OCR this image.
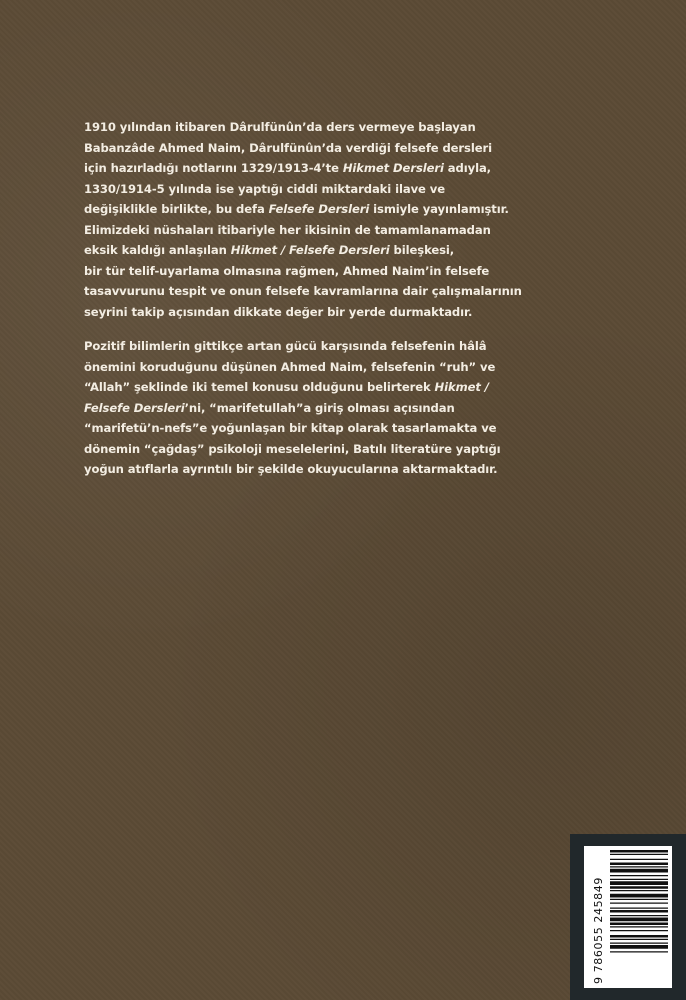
1910 yılından itibaren Dârulfünûn’da ders vermeye başlayan
Babanzâde Ahmed Naim, Dârulfünûn’da verdiği felsefe dersleri
için hazırladığı notlarını 1329/1913-4’te Hikmet Dersleri adıyla,
1330/1914-5 yılında ise yaptığı ciddi miktardaki ilave ve
değişiklikle birlikte, bu defa Felsefe Dersleri ismiyle yayınlamıştır.
Elimizdeki nüshaları itibariyle her ikisinin de tamamlanamadan
eksik kaldığı anlaşılan Hikmet / Felsefe Dersleri bileşkesi,
bir tür telif-uyarlama olmasına rağmen, Ahmed Naim’in felsefe
tasavvurunu tespit ve onun felsefe kavramlarına dair çalışmalarının
seyrini takip açısından dikkate değer bir yerde durmaktadır.
Pozitif bilimlerin gittikçe artan gücü karşısında felsefenin hâlâ
önemini koruduğunu düşünen Ahmed Naim, felsefenin “ruh” ve
“Allah” şeklinde iki temel konusu olduğunu belirterek Hikmet /
Felsefe Dersleri’ni, “marifetullah”a giriş olması açısından
“marifetü’n-nefs”e yoğunlaşan bir kitap olarak tasarlamakta ve
dönemin “çağdaş” psikoloji meselelerini, Batılı literatüre yaptığı
yoğun atıflarla ayrıntılı bir şekilde okuyucularına aktarmaktadır.
9 786055 245849
